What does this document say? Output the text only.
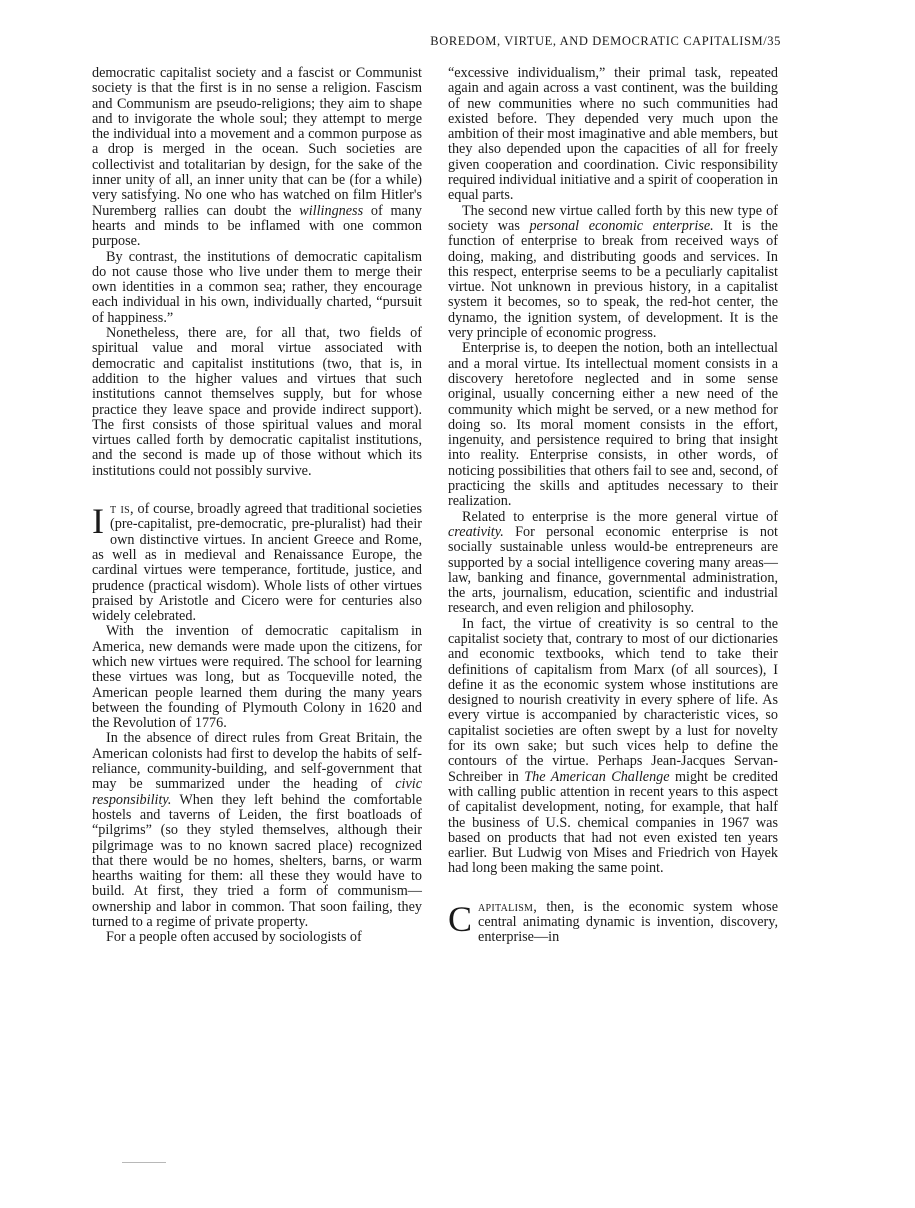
BOREDOM, VIRTUE, AND DEMOCRATIC CAPITALISM/35

democratic capitalist society and a fascist or Communist society is that the first is in no sense a religion. Fascism and Communism are pseudo-religions; they aim to shape and to invigorate the whole soul; they attempt to merge the individual into a movement and a common purpose as a drop is merged in the ocean. Such societies are collectivist and totalitarian by design, for the sake of the inner unity of all, an inner unity that can be (for a while) very satisfying. No one who has watched on film Hitler's Nuremberg rallies can doubt the willingness of many hearts and minds to be inflamed with one common purpose.

By contrast, the institutions of democratic capitalism do not cause those who live under them to merge their own identities in a common sea; rather, they encourage each individual in his own, individually charted, “pursuit of happiness.”

Nonetheless, there are, for all that, two fields of spiritual value and moral virtue associated with democratic and capitalist institutions (two, that is, in addition to the higher values and virtues that such institutions cannot themselves supply, but for whose practice they leave space and provide indirect support). The first consists of those spiritual values and moral virtues called forth by democratic capitalist institutions, and the second is made up of those without which its institutions could not possibly survive.

It is, of course, broadly agreed that traditional societies (pre-capitalist, pre-democratic, pre-pluralist) had their own distinctive virtues. In ancient Greece and Rome, as well as in medieval and Renaissance Europe, the cardinal virtues were temperance, fortitude, justice, and prudence (practical wisdom). Whole lists of other virtues praised by Aristotle and Cicero were for centuries also widely celebrated.

With the invention of democratic capitalism in America, new demands were made upon the citizens, for which new virtues were required. The school for learning these virtues was long, but as Tocqueville noted, the American people learned them during the many years between the founding of Plymouth Colony in 1620 and the Revolution of 1776.

In the absence of direct rules from Great Britain, the American colonists had first to develop the habits of self-reliance, community-building, and self-government that may be summarized under the heading of civic responsibility. When they left behind the comfortable hostels and taverns of Leiden, the first boatloads of “pilgrims” (so they styled themselves, although their pilgrimage was to no known sacred place) recognized that there would be no homes, shelters, barns, or warm hearths waiting for them: all these they would have to build. At first, they tried a form of communism—ownership and labor in common. That soon failing, they turned to a regime of private property.

For a people often accused by sociologists of

“excessive individualism,” their primal task, repeated again and again across a vast continent, was the building of new communities where no such communities had existed before. They depended very much upon the ambition of their most imaginative and able members, but they also depended upon the capacities of all for freely given cooperation and coordination. Civic responsibility required individual initiative and a spirit of cooperation in equal parts.

The second new virtue called forth by this new type of society was personal economic enterprise. It is the function of enterprise to break from received ways of doing, making, and distributing goods and services. In this respect, enterprise seems to be a peculiarly capitalist virtue. Not unknown in previous history, in a capitalist system it becomes, so to speak, the red-hot center, the dynamo, the ignition system, of development. It is the very principle of economic progress.

Enterprise is, to deepen the notion, both an intellectual and a moral virtue. Its intellectual moment consists in a discovery heretofore neglected and in some sense original, usually concerning either a new need of the community which might be served, or a new method for doing so. Its moral moment consists in the effort, ingenuity, and persistence required to bring that insight into reality. Enterprise consists, in other words, of noticing possibilities that others fail to see and, second, of practicing the skills and aptitudes necessary to their realization.

Related to enterprise is the more general virtue of creativity. For personal economic enterprise is not socially sustainable unless would-be entrepreneurs are supported by a social intelligence covering many areas—law, banking and finance, governmental administration, the arts, journalism, education, scientific and industrial research, and even religion and philosophy.

In fact, the virtue of creativity is so central to the capitalist society that, contrary to most of our dictionaries and economic textbooks, which tend to take their definitions of capitalism from Marx (of all sources), I define it as the economic system whose institutions are designed to nourish creativity in every sphere of life. As every virtue is accompanied by characteristic vices, so capitalist societies are often swept by a lust for novelty for its own sake; but such vices help to define the contours of the virtue. Perhaps Jean-Jacques Servan-Schreiber in The American Challenge might be credited with calling public attention in recent years to this aspect of capitalist development, noting, for example, that half the business of U.S. chemical companies in 1967 was based on products that had not even existed ten years earlier. But Ludwig von Mises and Friedrich von Hayek had long been making the same point.

Capitalism, then, is the economic system whose central animating dynamic is invention, discovery, enterprise—in
